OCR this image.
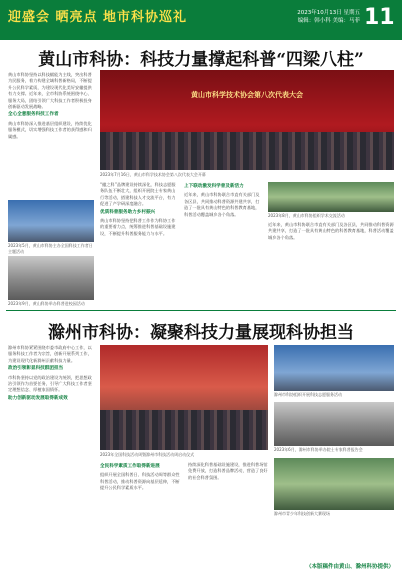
迎盛会 晒亮点 地市科协巡礼	2023年10月13日 星期五
编辑：韩小科 美编：马菲 11
黄山市科协：科技力量撑起科普“四梁八柱”
黄山市科协坚持以科技赋能为主线，突出科普为民服务，着力构建全域科普新格局，不断提升公民科学素质，为建设现代化美好安徽提供有力支撑。近年来，全市科协系统围绕中心、服务大局，团结引领广大科技工作者积极投身创新驱动发展战略。
全心全意服务科技工作者
黄山市科协深入推进基层组织建设，持续优化服务模式，切实增强科技工作者的获得感和归属感。
黄山市科学技术协会第八次代表大会
2023年7月16日，黄山市科学技术协会第八次代表大会开幕
2023年5月，黄山市科协主办全国科技工作者日主题活动
2023年9月，黄山科协举办科普进校园活动
“徽之科”品牌建设持续深化，科技志愿服务队伍不断壮大，组织开展院士专家黄山行等活动，搭建科技人才交流平台，有力促进了产学研深度融合。
优质科普服务助力乡村振兴
黄山市科协坚持把科普工作作为科协工作的重要着力点，统筹推进科普基础设施建设，不断提升科普服务能力与水平。
上下联动激发科学普及新活力
近年来，黄山市科协联合市直有关部门及各区县，共同推动科普资源共建共享，打造了一批具有黄山特色的科普教育基地，科普活动覆盖城乡各个角落。	2023年8月，黄山市科协组织学术交流活动
近年来，黄山市科协联合市直有关部门及各区县，共同推动科普资源共建共享，打造了一批具有黄山特色的科普教育基地，科普活动覆盖城乡各个角落。
滁州市科协：凝聚科技力量展现科协担当
滁州市科协紧紧围绕市委市政府中心工作，以服务科技工作者为宗旨，创新开展系列工作，为建设现代化新滁州贡献科技力量。
政治引领彰显科技群团担当
市科协坚持以党的政治建设为统领，把思想政治引领作为首要任务，引导广大科技工作者坚定理想信念、厚植家国情怀。
助力创新驱动发展取得新成效
2023年全国科技活动周暨滁州市科技活动周启动仪式
滁州市科协组织开展科技志愿服务活动
2023年6月，滁州市科协举办院士专家科普报告会
全民科学素质工作取得新进展
组织开展全国科普日、科技活动周等群众性科普活动，推动科普资源向基层延伸，不断提升公民科学素质水平。
持续深化科普基础设施建设，推进科普场馆免费开放，打造科普品牌活动，营造了良好的社会科普氛围。
滁州市青少年科技创新大赛现场
（本版稿件由黄山、滁州科协提供）
